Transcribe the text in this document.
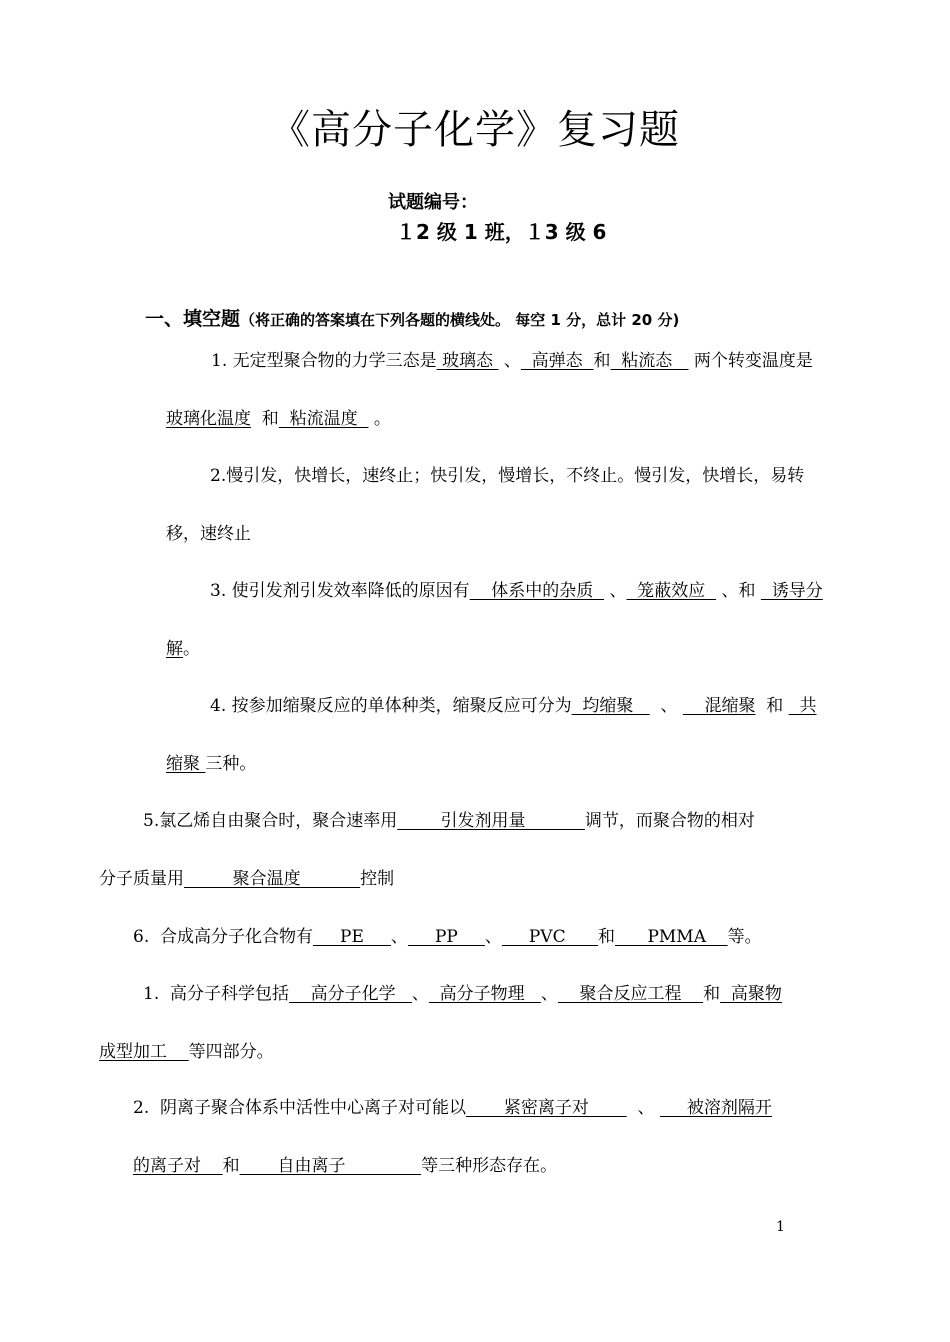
《高分子化学》复习题
试题编号：
１2 级 1 班，１3 级 6
一、填空题（将正确的答案填在下列各题的横线处。 每空 1 分，总计 20 分)
1. 无定型聚合物的力学三态是 玻璃态  、  高弹态  和  粘流态    两个转变温度是
玻璃化温度  和  粘流温度   。
2.慢引发，快增长，速终止；快引发，慢增长，不终止。慢引发，快增长，易转
移，速终止
3. 使引发剂引发效率降低的原因有    体系中的杂质   、  笼蔽效应   、和   诱导分
解。
4. 按参加缩聚反应的单体种类，缩聚反应可分为  均缩聚     、     混缩聚  和   共
缩聚 三种。
5.氯乙烯自由聚合时，聚合速率用        引发剂用量           调节，而聚合物的相对
分子质量用         聚合温度           控制
6.  合成高分子化合物有     PE     、     PP     、     PVC      和      PMMA    等。
1.  高分子科学包括    高分子化学   、  高分子物理   、    聚合反应工程    和  高聚物
成型加工    等四部分。
2.  阴离子聚合体系中活性中心离子对可能以       紧密离子对         、      被溶剂隔开
的离子对    和       自由离子              等三种形态存在。
1
